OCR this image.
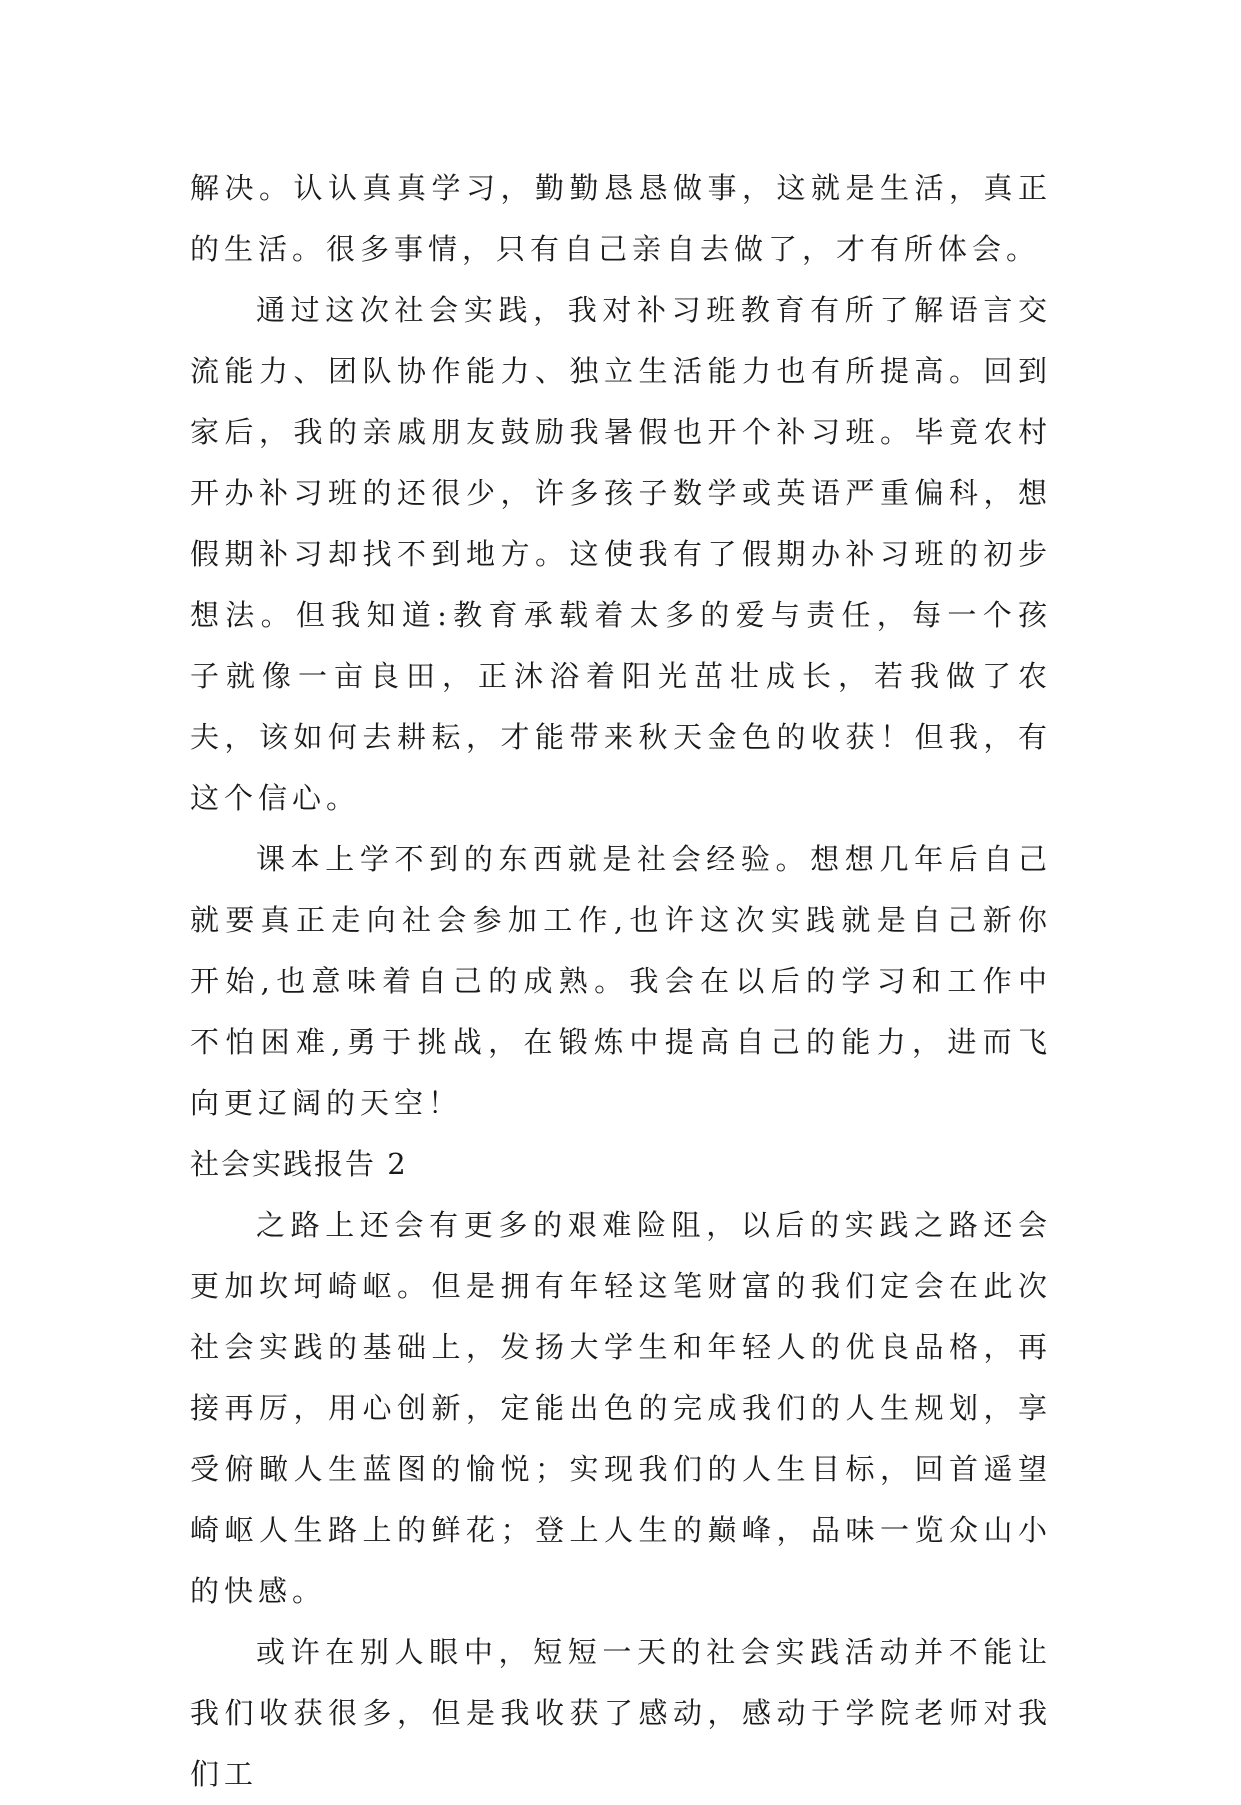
解决。认认真真学习，勤勤恳恳做事，这就是生活，真正的生活。很多事情，只有自己亲自去做了，才有所体会。

通过这次社会实践，我对补习班教育有所了解语言交流能力、团队协作能力、独立生活能力也有所提高。回到家后，我的亲戚朋友鼓励我暑假也开个补习班。毕竟农村开办补习班的还很少，许多孩子数学或英语严重偏科，想假期补习却找不到地方。这使我有了假期办补习班的初步想法。但我知道:教育承载着太多的爱与责任，每一个孩子就像一亩良田，正沐浴着阳光茁壮成长，若我做了农夫，该如何去耕耘，才能带来秋天金色的收获！但我，有这个信心。

课本上学不到的东西就是社会经验。想想几年后自己就要真正走向社会参加工作,也许这次实践就是自己新你开始,也意味着自己的成熟。我会在以后的学习和工作中不怕困难,勇于挑战，在锻炼中提高自己的能力，进而飞向更辽阔的天空！

社会实践报告 2

之路上还会有更多的艰难险阻，以后的实践之路还会更加坎坷崎岖。但是拥有年轻这笔财富的我们定会在此次社会实践的基础上，发扬大学生和年轻人的优良品格，再接再厉，用心创新，定能出色的完成我们的人生规划，享受俯瞰人生蓝图的愉悦；实现我们的人生目标，回首遥望崎岖人生路上的鲜花；登上人生的巅峰，品味一览众山小的快感。

或许在别人眼中，短短一天的社会实践活动并不能让我们收获很多，但是我收获了感动，感动于学院老师对我们工
